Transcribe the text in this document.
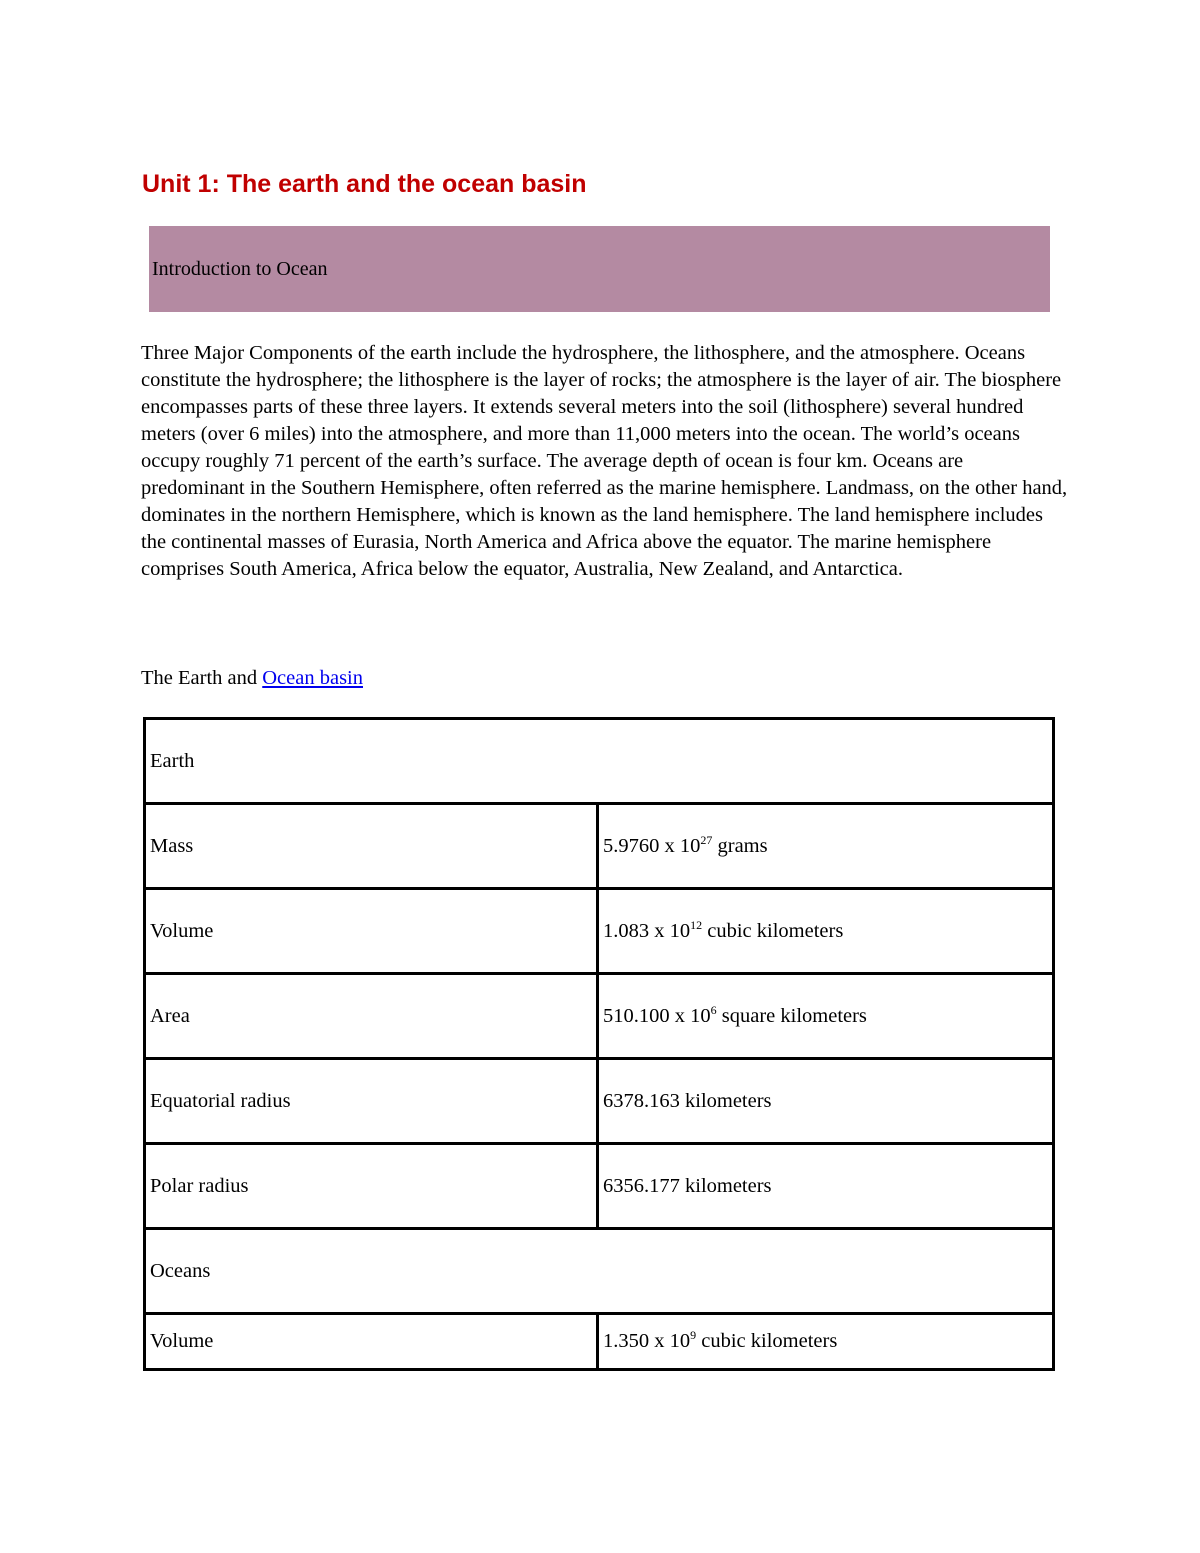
Unit 1: The earth and the ocean basin
Introduction to Ocean

Three Major Components of the earth include the hydrosphere, the lithosphere, and the atmosphere. Oceans constitute the hydrosphere; the lithosphere is the layer of rocks; the atmosphere is the layer of air. The biosphere encompasses parts of these three layers. It extends several meters into the soil (lithosphere) several hundred meters (over 6 miles) into the atmosphere, and more than 11,000 meters into the ocean. The world’s oceans occupy roughly 71 percent of the earth’s surface. The average depth of ocean is four km. Oceans are predominant in the Southern Hemisphere, often referred as the marine hemisphere. Landmass, on the other hand, dominates in the northern Hemisphere, which is known as the land hemisphere. The land hemisphere includes the continental masses of Eurasia, North America and Africa above the equator. The marine hemisphere comprises South America, Africa below the equator, Australia, New Zealand, and Antarctica.

The Earth and Ocean basin

Earth	
Mass	5.9760 x $10^{27}$ grams
Volume	1.083 x $10^{12}$ cubic kilometers
Area	510.100 x $10^6$ square kilometers
Equatorial radius	6378.163 kilometers
Polar radius	6356.177 kilometers
Oceans	
Volume	1.350 x $10^9$ cubic kilometers
